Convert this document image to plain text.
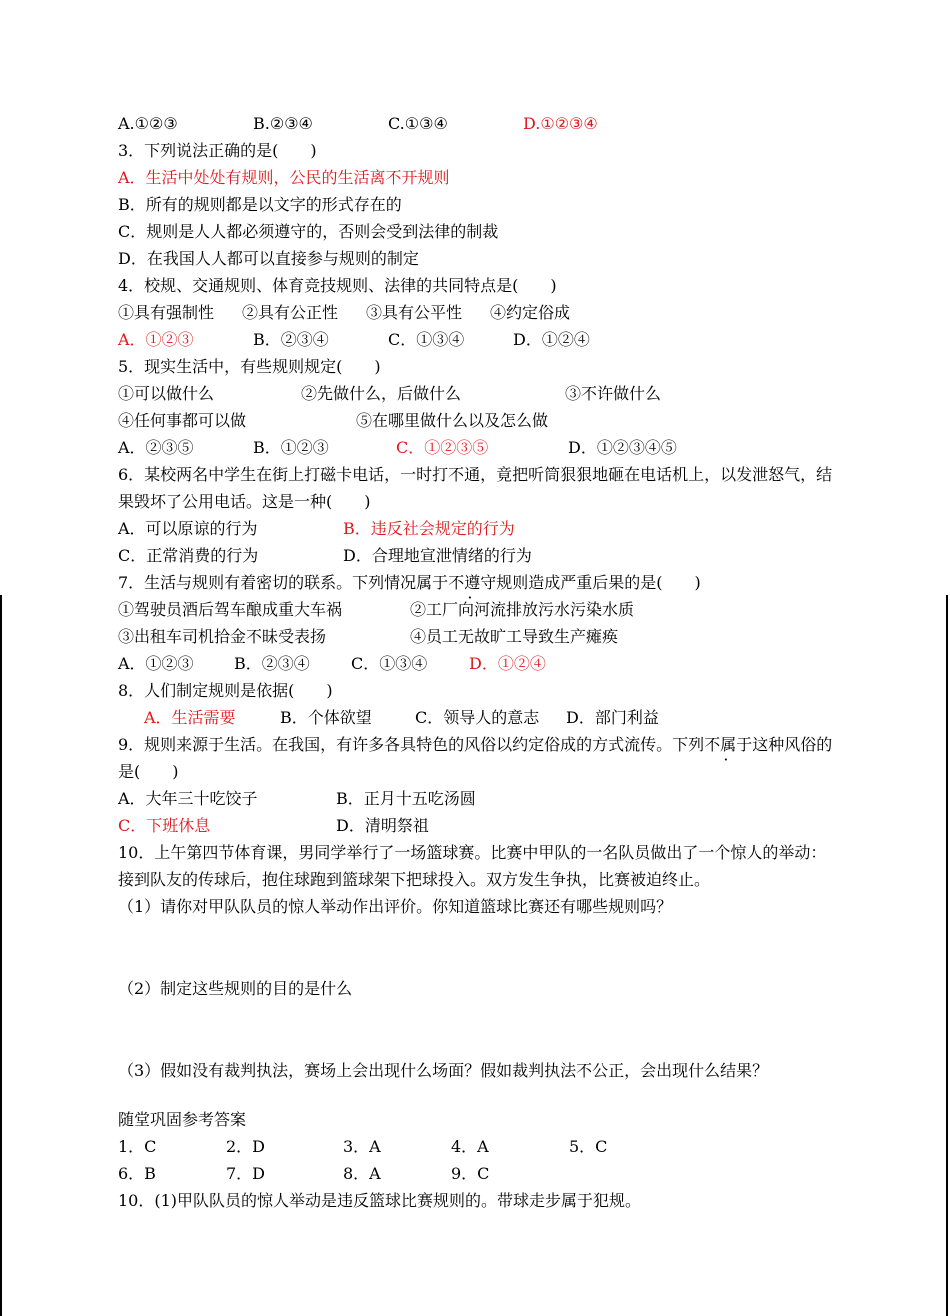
A.①②③	B.②③④	C.①③④	D.①②③④
3．下列说法正确的是(　　)
A．生活中处处有规则，公民的生活离不开规则
B．所有的规则都是以文字的形式存在的
C．规则是人人都必须遵守的，否则会受到法律的制裁
D．在我国人人都可以直接参与规则的制定
4．校规、交通规则、体育竞技规则、法律的共同特点是(　　)
①具有强制性 ②具有公正性 ③具有公平性 ④约定俗成
A．①②③	B．②③④	C．①③④	D．①②④
5．现实生活中，有些规则规定(　　)
①可以做什么	②先做什么，后做什么	③不许做什么
④任何事都可以做	⑤在哪里做什么以及怎么做
A．②③⑤	B．①②③	C．①②③⑤	D．①②③④⑤
6．某校两名中学生在街上打磁卡电话，一时打不通，竟把听筒狠狠地砸在电话机上，以发泄怒气，结果毁坏了公用电话。这是一种(　　)
A．可以原谅的行为	B．违反社会规定的行为
C．正常消费的行为	D．合理地宣泄情绪的行为
7．生活与规则有着密切的联系。下列情况属于不遵守规则造成严重后果的是(　　)
①驾驶员酒后驾车酿成重大车祸	②工厂向河流排放污水污染水质
③出租车司机拾金不昧受表扬	④员工无故旷工导致生产瘫痪
A．①②③	B．②③④	C．①③④	D．①②④
8．人们制定规则是依据(　　)
A．生活需要	B．个体欲望	C．领导人的意志 D．部门利益
9．规则来源于生活。在我国，有许多各具特色的风俗以约定俗成的方式流传。下列不属于这种风俗的是(　　)
A．大年三十吃饺子	B．正月十五吃汤圆
C．下班休息	D．清明祭祖
10．上午第四节体育课，男同学举行了一场篮球赛。比赛中甲队的一名队员做出了一个惊人的举动：接到队友的传球后，抱住球跑到篮球架下把球投入。双方发生争执，比赛被迫终止。
（1）请你对甲队队员的惊人举动作出评价。你知道篮球比赛还有哪些规则吗？
（2）制定这些规则的目的是什么
（3）假如没有裁判执法，赛场上会出现什么场面？假如裁判执法不公正，会出现什么结果？
随堂巩固参考答案
1．C	2．D	3．A	4．A	5．C
6．B	7．D	8．A	9．C
10．(1)甲队队员的惊人举动是违反篮球比赛规则的。带球走步属于犯规。
